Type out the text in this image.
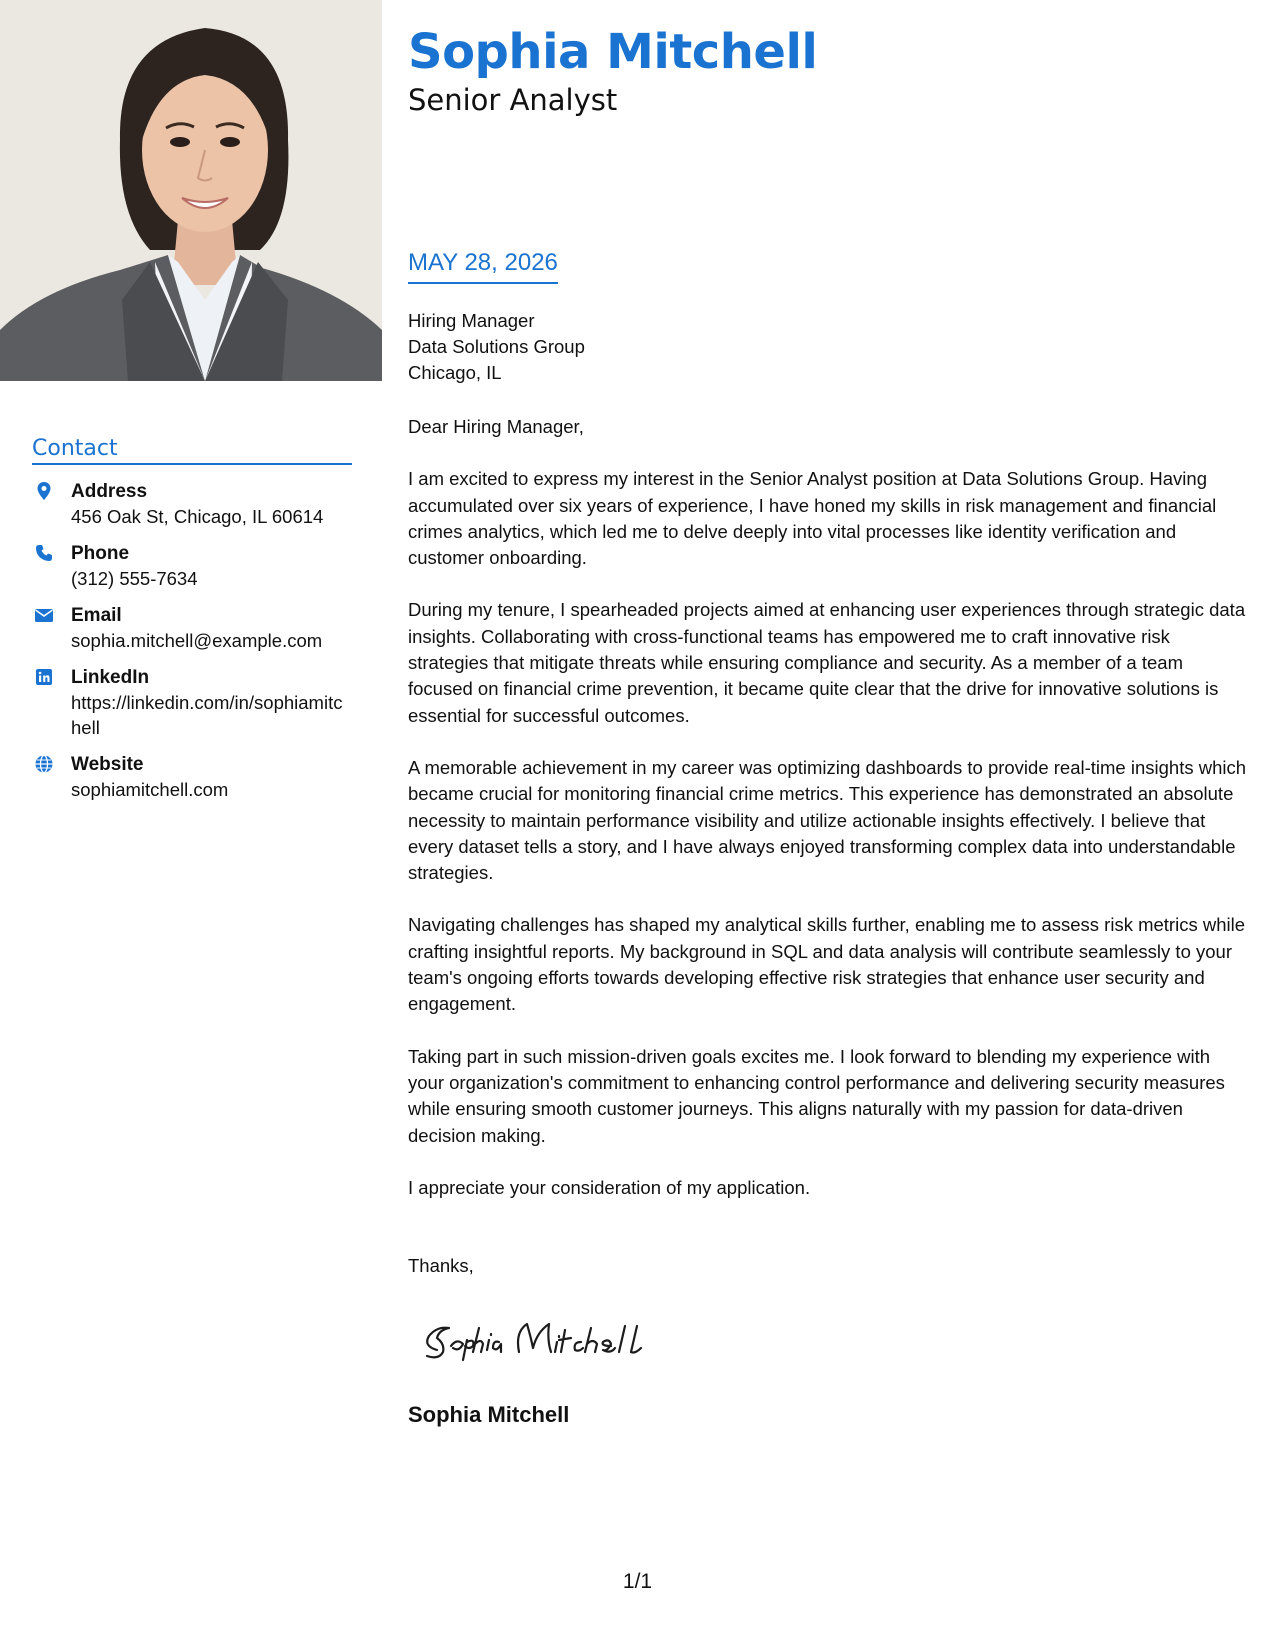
Contact
Address
456 Oak St, Chicago, IL 60614
Phone
(312) 555-7634
Email
sophia.mitchell@example.com
LinkedIn
https://linkedin.com/in/sophiamitchell
Website
sophiamitchell.com
Sophia Mitchell
Senior Analyst
MAY 28, 2026
Hiring Manager
Data Solutions Group
Chicago, IL
Dear Hiring Manager,
I am excited to express my interest in the Senior Analyst position at Data Solutions Group. Having accumulated over six years of experience, I have honed my skills in risk management and financial crimes analytics, which led me to delve deeply into vital processes like identity verification and customer onboarding.
During my tenure, I spearheaded projects aimed at enhancing user experiences through strategic data insights. Collaborating with cross-functional teams has empowered me to craft innovative risk strategies that mitigate threats while ensuring compliance and security. As a member of a team focused on financial crime prevention, it became quite clear that the drive for innovative solutions is essential for successful outcomes.
A memorable achievement in my career was optimizing dashboards to provide real-time insights which became crucial for monitoring financial crime metrics. This experience has demonstrated an absolute necessity to maintain performance visibility and utilize actionable insights effectively. I believe that every dataset tells a story, and I have always enjoyed transforming complex data into understandable strategies.
Navigating challenges has shaped my analytical skills further, enabling me to assess risk metrics while crafting insightful reports. My background in SQL and data analysis will contribute seamlessly to your team's ongoing efforts towards developing effective risk strategies that enhance user security and engagement.
Taking part in such mission-driven goals excites me. I look forward to blending my experience with your organization's commitment to enhancing control performance and delivering security measures while ensuring smooth customer journeys. This aligns naturally with my passion for data-driven decision making.
I appreciate your consideration of my application.
Thanks,
Sophia Mitchell
1/1
